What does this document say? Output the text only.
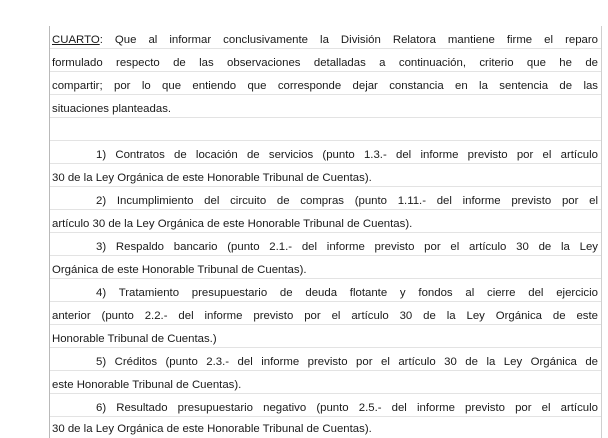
CUARTO: Que al informar conclusivamente la División Relatora mantiene firme el reparo
formulado respecto de las observaciones detalladas a continuación, criterio que he de
compartir; por lo que entiendo que corresponde dejar constancia en la sentencia de las
situaciones planteadas.
1) Contratos de locación de servicios (punto 1.3.- del informe previsto por el artículo
30 de la Ley Orgánica de este Honorable Tribunal de Cuentas).
2) Incumplimiento del circuito de compras (punto 1.11.- del informe previsto por el
artículo 30 de la Ley Orgánica de este Honorable Tribunal de Cuentas).
3) Respaldo bancario (punto 2.1.- del informe previsto por el artículo 30 de la Ley
Orgánica de este Honorable Tribunal de Cuentas).
4) Tratamiento presupuestario de deuda flotante y fondos al cierre del ejercicio
anterior (punto 2.2.- del informe previsto por el artículo 30 de la Ley Orgánica de este
Honorable Tribunal de Cuentas.)
5) Créditos (punto 2.3.- del informe previsto por el artículo 30 de la Ley Orgánica de
este Honorable Tribunal de Cuentas).
6) Resultado presupuestario negativo (punto 2.5.- del informe previsto por el artículo
30 de la Ley Orgánica de este Honorable Tribunal de Cuentas).
